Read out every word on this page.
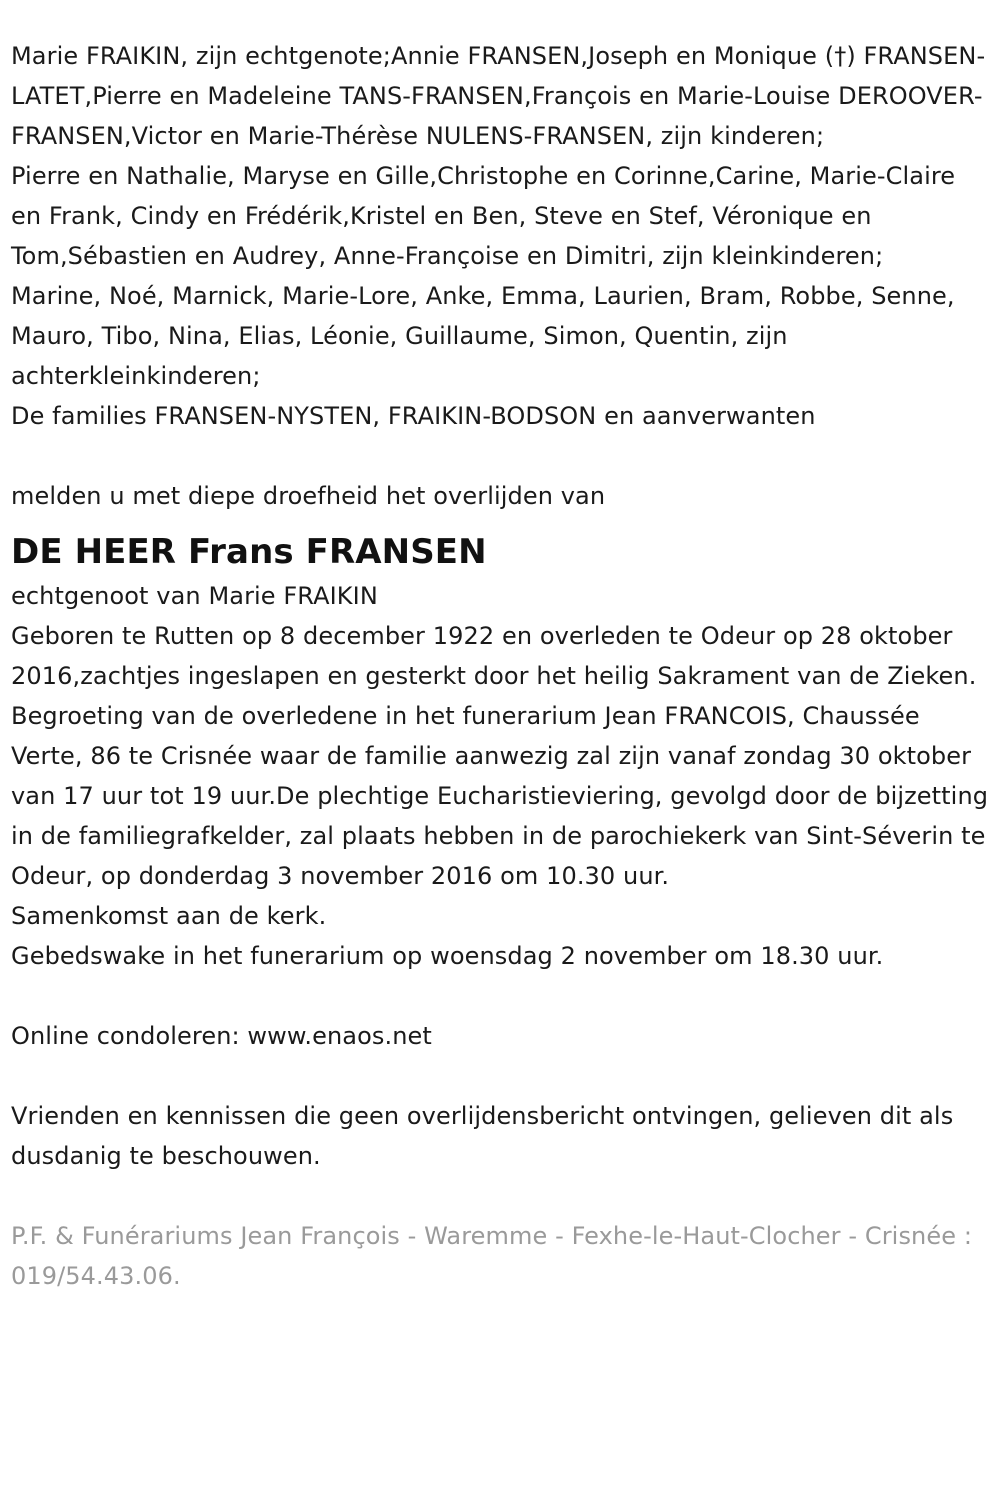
Marie FRAIKIN, zijn echtgenote;Annie FRANSEN,Joseph en Monique (†) FRANSEN-LATET,Pierre en Madeleine TANS-FRANSEN,François en Marie-Louise DEROOVER-FRANSEN,Victor en Marie-Thérèse NULENS-FRANSEN, zijn kinderen;

Pierre en Nathalie, Maryse en Gille,Christophe en Corinne,Carine, Marie-Claire en Frank, Cindy en Frédérik,Kristel en Ben, Steve en Stef, Véronique en Tom,Sébastien en Audrey, Anne-Françoise en Dimitri, zijn kleinkinderen;

Marine, Noé, Marnick, Marie-Lore, Anke, Emma, Laurien, Bram, Robbe, Senne, Mauro, Tibo, Nina, Elias, Léonie, Guillaume, Simon, Quentin, zijn achterkleinkinderen;

De families FRANSEN-NYSTEN, FRAIKIN-BODSON en aanverwanten

melden u met diepe droefheid het overlijden van

DE HEER Frans FRANSEN

echtgenoot van Marie FRAIKIN

Geboren te Rutten op 8 december 1922 en overleden te Odeur op 28 oktober 2016,zachtjes ingeslapen en gesterkt door het heilig Sakrament van de Zieken.

Begroeting van de overledene in het funerarium Jean FRANCOIS, Chaussée Verte, 86 te Crisnée waar de familie aanwezig zal zijn vanaf zondag 30 oktober van 17 uur tot 19 uur.De plechtige Eucharistieviering, gevolgd door de bijzetting in de familiegrafkelder, zal plaats hebben in de parochiekerk van Sint-Séverin te Odeur, op donderdag 3 november 2016 om 10.30 uur.

Samenkomst aan de kerk.

Gebedswake in het funerarium op woensdag 2 november om 18.30 uur.

Online condoleren: www.enaos.net

Vrienden en kennissen die geen overlijdensbericht ontvingen, gelieven dit als dusdanig te beschouwen.

P.F. & Funérariums Jean François - Waremme - Fexhe-le-Haut-Clocher - Crisnée : 019/54.43.06.
